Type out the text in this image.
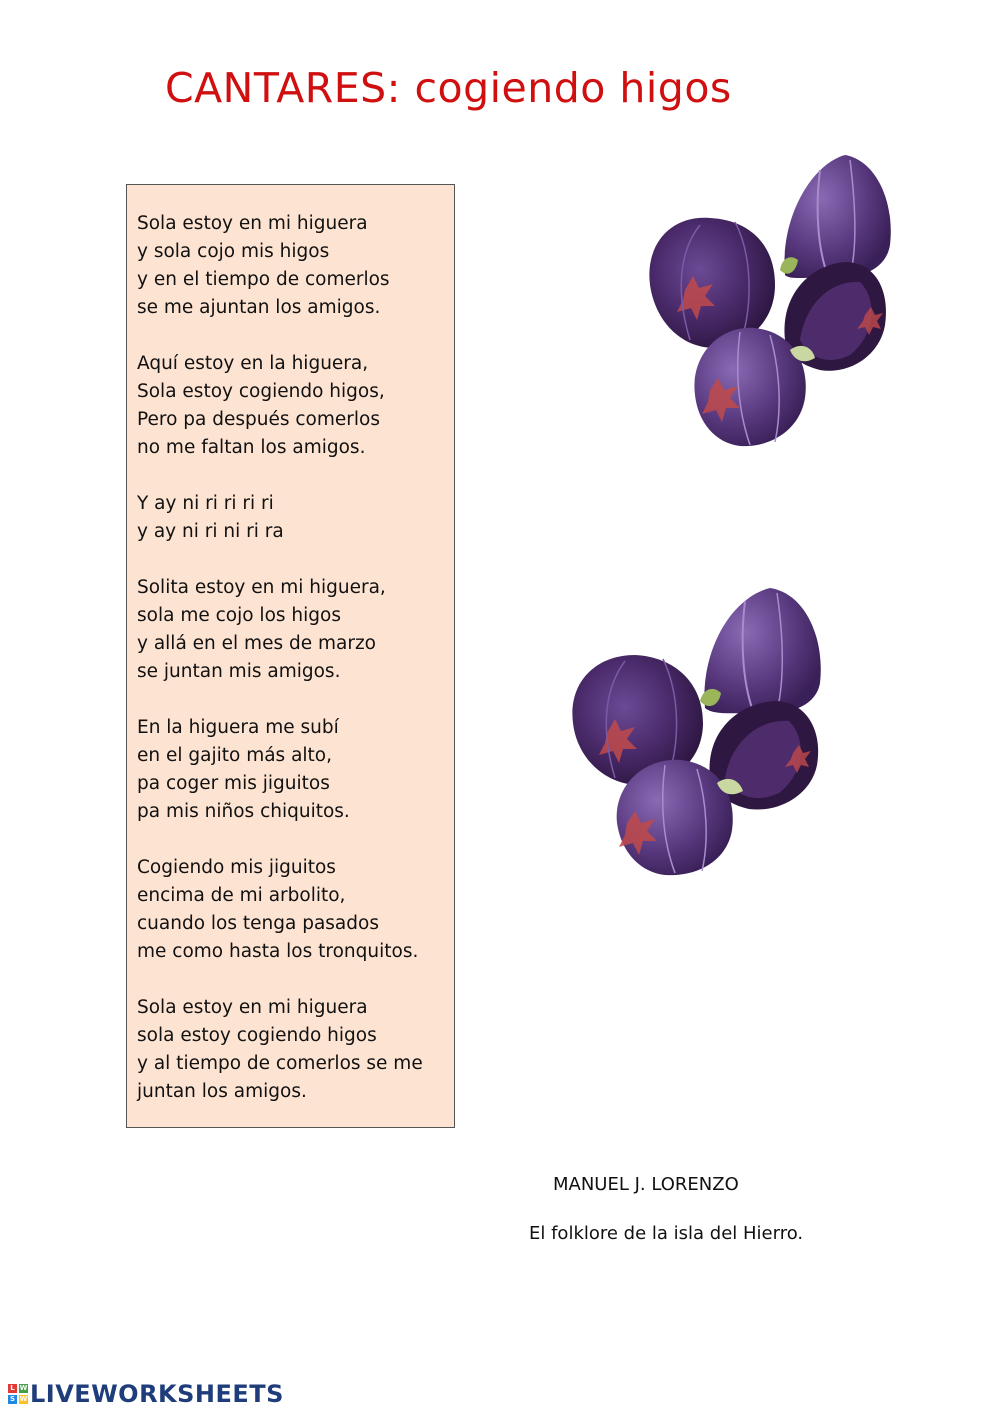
CANTARES: cogiendo higos
Sola estoy en mi higuera
y sola cojo mis higos
y en el tiempo de comerlos
se me ajuntan los amigos.
Aquí estoy en la higuera,
Sola estoy cogiendo higos,
Pero pa después comerlos
no me faltan los amigos.
Y ay ni ri ri ri ri
y ay ni ri ni ri ra
Solita estoy en mi higuera,
sola me cojo los higos
y allá en el mes de marzo
se juntan mis amigos.
En la higuera me subí
en el gajito más alto,
pa coger mis jiguitos
pa mis niños chiquitos.
Cogiendo mis jiguitos
encima de mi arbolito,
cuando los tenga pasados
me como hasta los tronquitos.
Sola estoy en mi higuera
sola estoy cogiendo higos
y al tiempo de comerlos se me
juntan los amigos.
MANUEL J. LORENZO
El folklore de la isla del Hierro.
L W
S W LIVEWORKSHEETS
